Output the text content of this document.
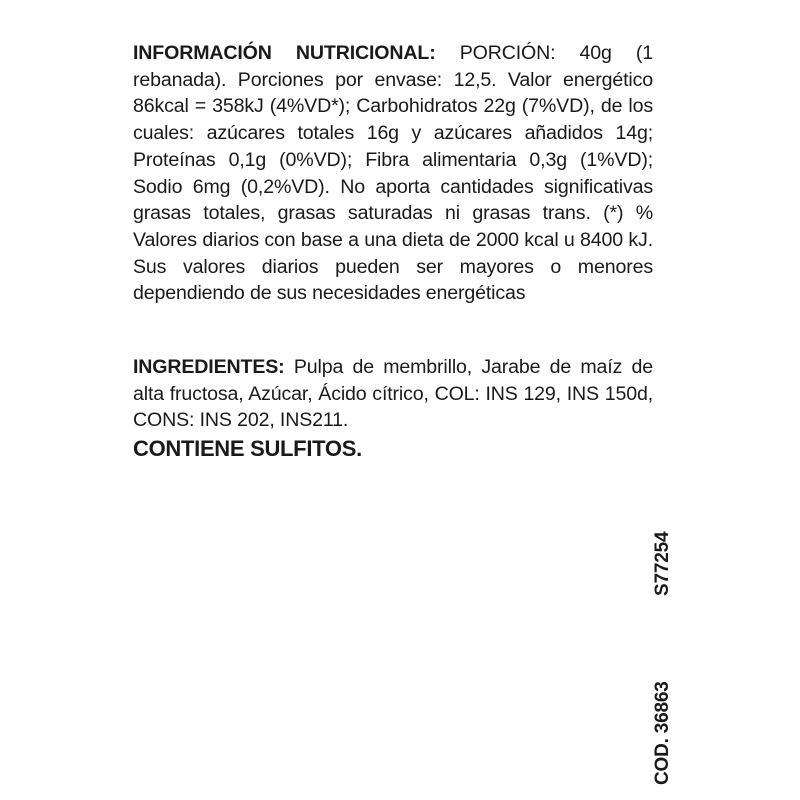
INFORMACIÓN NUTRICIONAL: PORCIÓN: 40g (1 rebanada). Porciones por envase: 12,5. Valor energético 86kcal = 358kJ (4%VD*); Carbohidratos 22g (7%VD), de los cuales: azúcares totales 16g y azúcares añadidos 14g; Proteínas 0,1g (0%VD); Fibra alimentaria 0,3g (1%VD); Sodio 6mg (0,2%VD). No aporta cantidades significativas grasas totales, grasas saturadas ni grasas trans. (*) % Valores diarios con base a una dieta de 2000 kcal u 8400 kJ. Sus valores diarios pueden ser mayores o menores dependiendo de sus necesidades energéticas
INGREDIENTES: Pulpa de membrillo, Jarabe de maíz de alta fructosa, Azúcar, Ácido cítrico, COL: INS 129, INS 150d, CONS: INS 202, INS211.
CONTIENE SULFITOS.
S77254
COD. 36863
